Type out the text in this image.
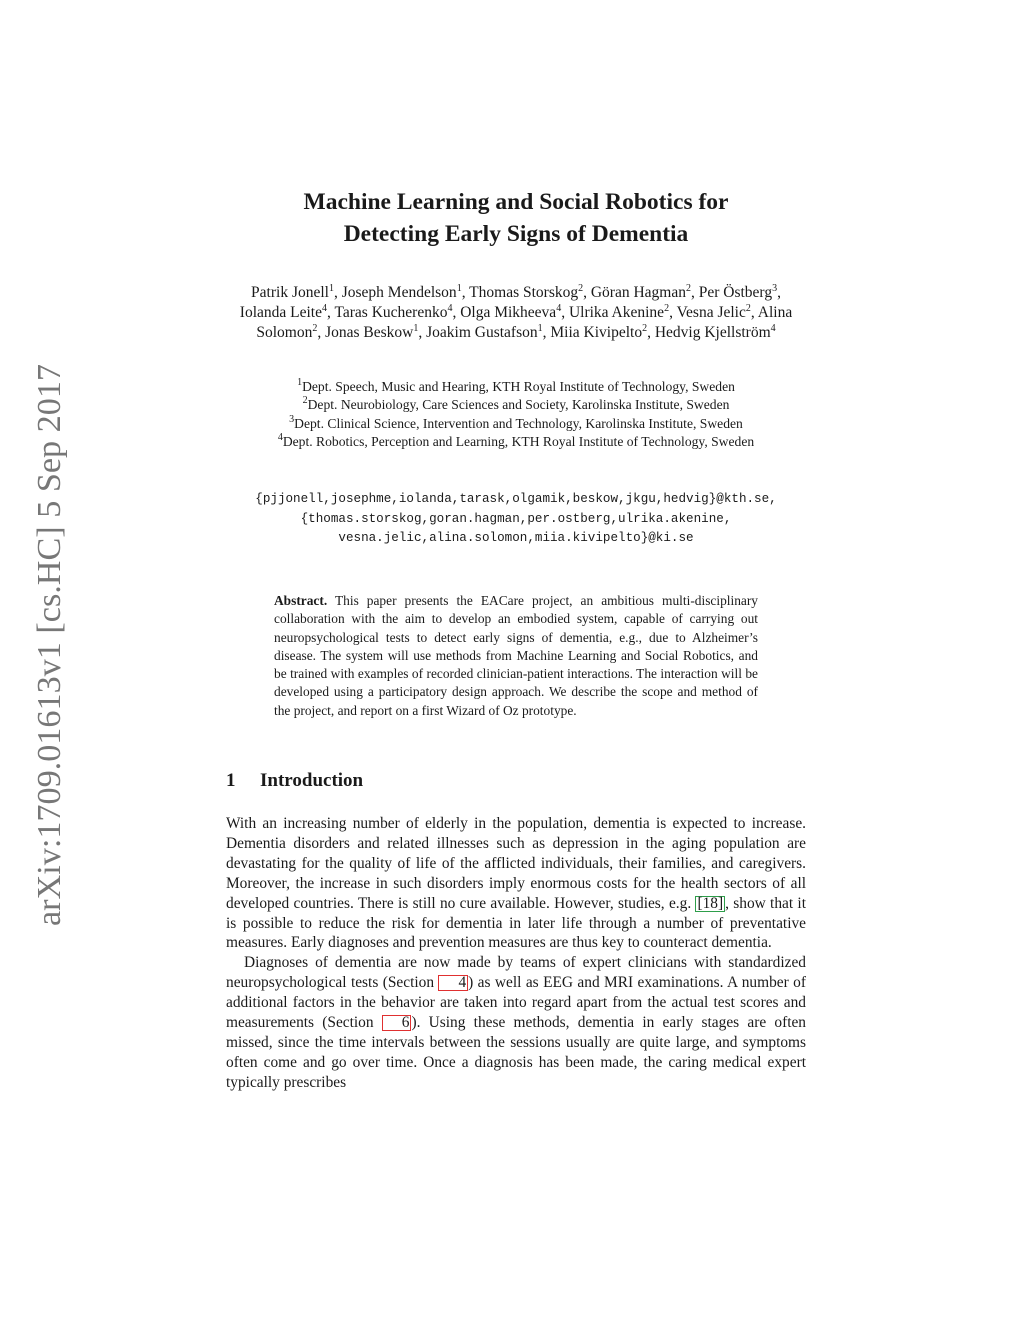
arXiv:1709.01613v1 [cs.HC] 5 Sep 2017
Machine Learning and Social Robotics for
Detecting Early Signs of Dementia
Patrik Jonell$^1$, Joseph Mendelson$^1$, Thomas Storskog$^2$, Göran Hagman$^2$, Per Östberg$^3$, Iolanda Leite$^4$, Taras Kucherenko$^4$, Olga Mikheeva$^4$, Ulrika Akenine$^2$, Vesna Jelic$^2$, Alina Solomon$^2$, Jonas Beskow$^1$, Joakim Gustafson$^1$, Miia Kivipelto$^2$, Hedvig Kjellström$^4$
$^1$Dept. Speech, Music and Hearing, KTH Royal Institute of Technology, Sweden
$^2$Dept. Neurobiology, Care Sciences and Society, Karolinska Institute, Sweden
$^3$Dept. Clinical Science, Intervention and Technology, Karolinska Institute, Sweden
$^4$Dept. Robotics, Perception and Learning, KTH Royal Institute of Technology, Sweden
{pjjonell,josephme,iolanda,tarask,olgamik,beskow,jkgu,hedvig}@kth.se,
{thomas.storskog,goran.hagman,per.ostberg,ulrika.akenine,
vesna.jelic,alina.solomon,miia.kivipelto}@ki.se

Abstract. This paper presents the EACare project, an ambitious multi-disciplinary collaboration with the aim to develop an embodied system, capable of carrying out neuropsychological tests to detect early signs of dementia, e.g., due to Alzheimer’s disease. The system will use methods from Machine Learning and Social Robotics, and be trained with examples of recorded clinician-patient interactions. The interaction will be developed using a participatory design approach. We describe the scope and method of the project, and report on a first Wizard of Oz prototype.

1 Introduction

With an increasing number of elderly in the population, dementia is expected to increase. Dementia disorders and related illnesses such as depression in the aging population are devastating for the quality of life of the afflicted individuals, their families, and caregivers. Moreover, the increase in such disorders imply enormous costs for the health sectors of all developed countries. There is still no cure available. However, studies, e.g. [18] , show that it is possible to reduce the risk for dementia in later life through a number of preventative measures. Early diagnoses and prevention measures are thus key to counteract dementia.

Diagnoses of dementia are now made by teams of expert clinicians with standardized neuropsychological tests (Section 4 ) as well as EEG and MRI examinations. A number of additional factors in the behavior are taken into regard apart from the actual test scores and measurements (Section 6 ). Using these methods, dementia in early stages are often missed, since the time intervals between the sessions usually are quite large, and symptoms often come and go over time. Once a diagnosis has been made, the caring medical expert typically prescribes
